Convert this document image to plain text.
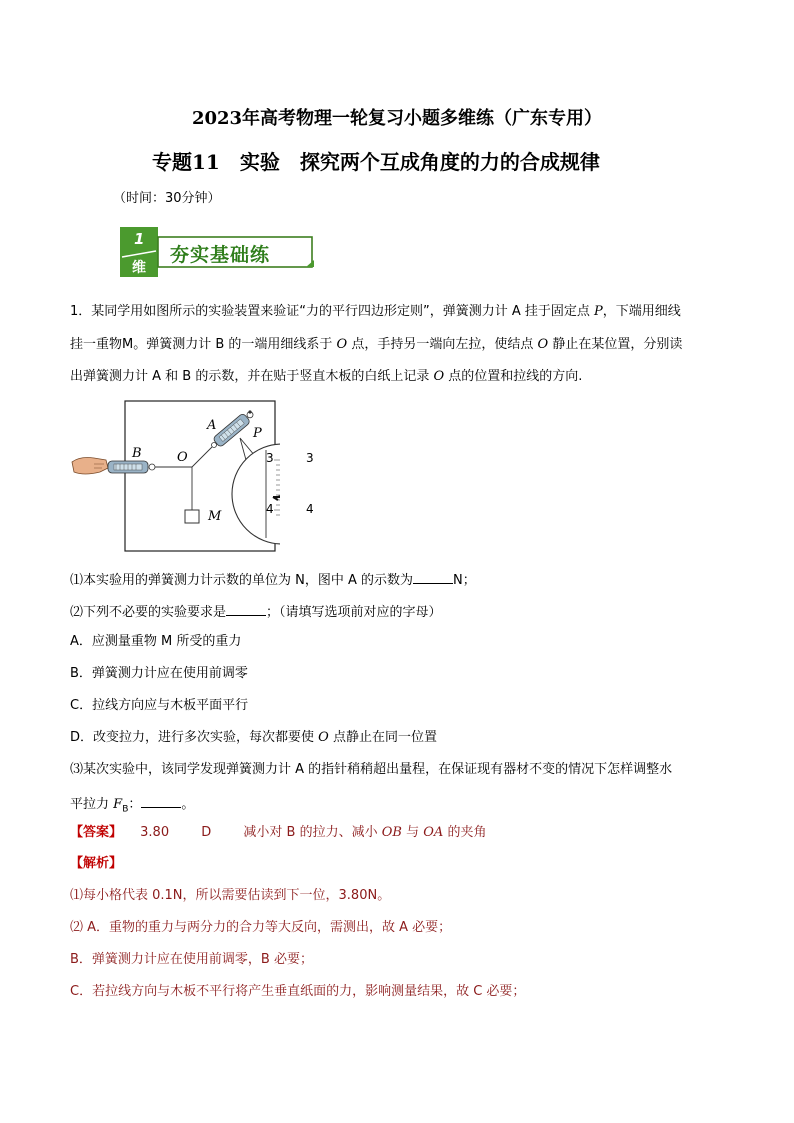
2023年高考物理一轮复习小题多维练（广东专用）
专题11　实验　探究两个互成角度的力的合成规律
（时间：30分钟）
1
维
夯实基础练
1．某同学用如图所示的实验装置来验证“力的平行四边形定则”，弹簧测力计 A 挂于固定点 P，下端用细线
挂一重物M。弹簧测力计 B 的一端用细线系于 O 点，手持另一端向左拉，使结点 O 静止在某位置，分别读
出弹簧测力计 A 和 B 的示数，并在贴于竖直木板的白纸上记录 O 点的位置和拉线的方向.
B	O
A
P
M
3
4
3
4
⑴本实验用的弹簧测力计示数的单位为 N，图中 A 的示数为	N；
⑵下列不必要的实验要求是	；（请填写选项前对应的字母）
A．应测量重物 M 所受的重力
B．弹簧测力计应在使用前调零
C．拉线方向应与木板平面平行
D．改变拉力，进行多次实验，每次都要使 O 点静止在同一位置
⑶某次实验中，该同学发现弹簧测力计 A 的指针稍稍超出量程，在保证现有器材不变的情况下怎样调整水
平拉力 $F_B$：	。
【答案】 3.80 D 减小对 B 的拉力、减小 OB 与 OA 的夹角
【解析】
⑴每小格代表 0.1N，所以需要估读到下一位，3.80N。
⑵ A．重物的重力与两分力的合力等大反向，需测出，故 A 必要；
B．弹簧测力计应在使用前调零，B 必要；
C．若拉线方向与木板不平行将产生垂直纸面的力，影响测量结果，故 C 必要；
